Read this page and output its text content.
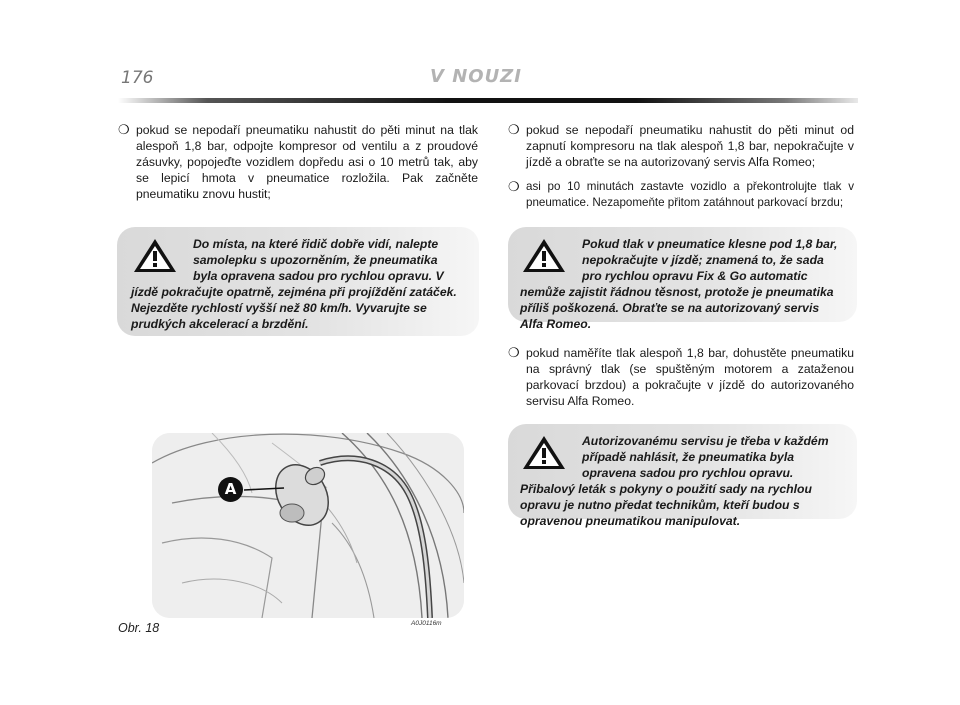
176	V NOUZI
❍ pokud se nepodaří pneumatiku nahustit do pěti minut na tlak alespoň 1,8 bar, odpojte kompresor od ventilu a z proudové zásuvky, popojeďte vozidlem dopředu asi o 10 metrů tak, aby se lepicí hmota v pneumatice rozložila. Pak začněte pneumatiku znovu hustit;
Do místa, na které řidič dobře vidí, nalepte samolepku s upozorněním, že pneumatika byla opravena sadou pro rychlou opravu. V jízdě pokračujte opatrně, zejména při projíždění zatáček. Nejezděte rychlostí vyšší než 80 km/h. Vyvarujte se prudkých akcelerací a brzdění.
A
A0J0116m
Obr. 18
❍ pokud se nepodaří pneumatiku nahustit do pěti minut od zapnutí kompresoru na tlak alespoň 1,8 bar, nepokračujte v jízdě a obraťte se na autorizovaný servis Alfa Romeo;
❍ asi po 10 minutách zastavte vozidlo a překontrolujte tlak v pneumatice. Nezapomeňte přitom zatáhnout parkovací brzdu;
Pokud tlak v pneumatice klesne pod 1,8 bar, nepokračujte v jízdě; znamená to, že sada pro rychlou opravu Fix & Go automatic nemůže zajistit řádnou těsnost, protože je pneumatika příliš poškozená. Obraťte se na autorizovaný servis Alfa Romeo.
❍ pokud naměříte tlak alespoň 1,8 bar, dohustěte pneumatiku na správný tlak (se spuštěným motorem a zataženou parkovací brzdou) a pokračujte v jízdě do autorizovaného servisu Alfa Romeo.
Autorizovanému servisu je třeba v každém případě nahlásit, že pneumatika byla opravena sadou pro rychlou opravu. Přibalový leták s pokyny o použití sady na rychlou opravu je nutno předat technikům, kteří budou s opravenou pneumatikou manipulovat.
